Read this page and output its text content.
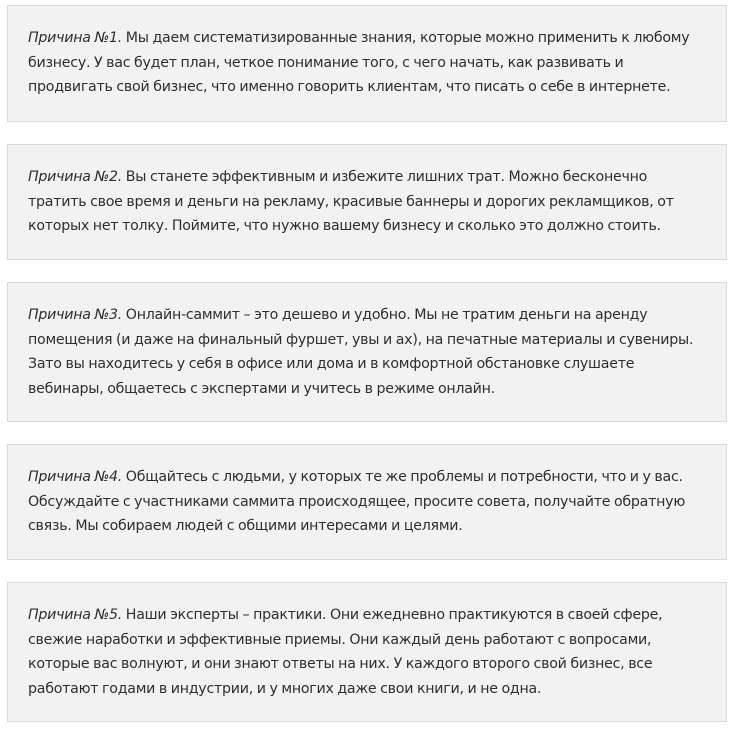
Причина №1. Мы даем систематизированные знания, которые можно применить к любому бизнесу. У вас будет план, четкое понимание того, с чего начать, как развивать и продвигать свой бизнес, что именно говорить клиентам, что писать о себе в интернете.
Причина №2. Вы станете эффективным и избежите лишних трат. Можно бесконечно тратить свое время и деньги на рекламу, красивые баннеры и дорогих рекламщиков, от которых нет толку. Поймите, что нужно вашему бизнесу и сколько это должно стоить.
Причина №3. Онлайн-саммит – это дешево и удобно. Мы не тратим деньги на аренду помещения (и даже на финальный фуршет, увы и ах), на печатные материалы и сувениры. Зато вы находитесь у себя в офисе или дома и в комфортной обстановке слушаете вебинары, общаетесь с экспертами и учитесь в режиме онлайн.
Причина №4. Общайтесь с людьми, у которых те же проблемы и потребности, что и у вас. Обсуждайте с участниками саммита происходящее, просите совета, получайте обратную связь. Мы собираем людей с общими интересами и целями.
Причина №5. Наши эксперты – практики. Они ежедневно практикуются в своей сфере, свежие наработки и эффективные приемы. Они каждый день работают с вопросами, которые вас волнуют, и они знают ответы на них. У каждого второго свой бизнес, все работают годами в индустрии, и у многих даже свои книги, и не одна.
